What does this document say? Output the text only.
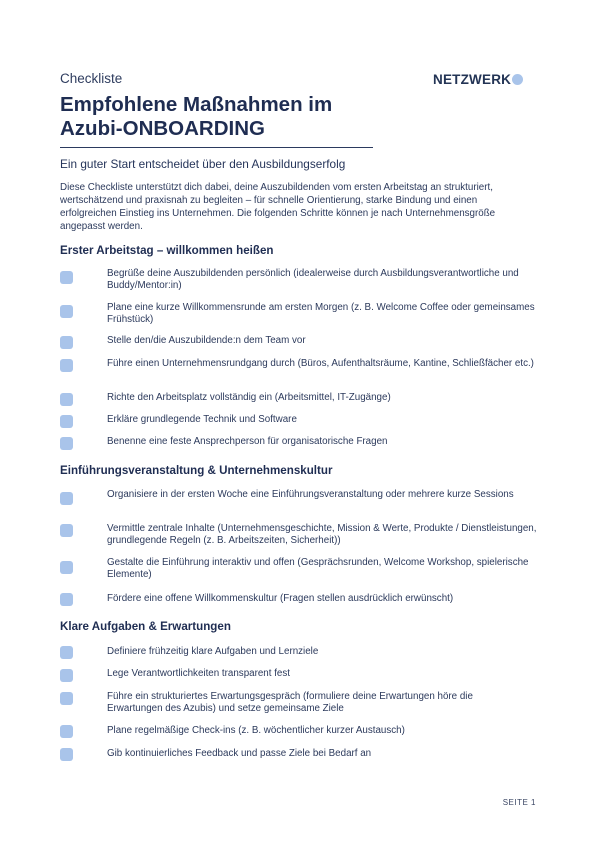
Checkliste	NETZWERK
Empfohlene Maßnahmen im
Azubi-ONBOARDING
Ein guter Start entscheidet über den Ausbildungserfolg
Diese Checkliste unterstützt dich dabei, deine Auszubildenden vom ersten Arbeitstag an strukturiert, wertschätzend und praxisnah zu begleiten – für schnelle Orientierung, starke Bindung und einen erfolgreichen Einstieg ins Unternehmen. Die folgenden Schritte können je nach Unternehmensgröße angepasst werden.
Erster Arbeitstag – willkommen heißen
Begrüße deine Auszubildenden persönlich (idealerweise durch Ausbildungsverantwortliche und Buddy/Mentor:in)
Plane eine kurze Willkommensrunde am ersten Morgen (z. B. Welcome Coffee oder gemeinsames Frühstück)
Stelle den/die Auszubildende:n dem Team vor
Führe einen Unternehmensrundgang durch (Büros, Aufenthaltsräume, Kantine, Schließfächer etc.)
Richte den Arbeitsplatz vollständig ein (Arbeitsmittel, IT-Zugänge)
Erkläre grundlegende Technik und Software
Benenne eine feste Ansprechperson für organisatorische Fragen
Einführungsveranstaltung & Unternehmenskultur
Organisiere in der ersten Woche eine Einführungsveranstaltung oder mehrere kurze Sessions
Vermittle zentrale Inhalte (Unternehmensgeschichte, Mission & Werte, Produkte / Dienstleistungen, grundlegende Regeln (z. B. Arbeitszeiten, Sicherheit))
Gestalte die Einführung interaktiv und offen (Gesprächsrunden, Welcome Workshop, spielerische Elemente)
Fördere eine offene Willkommenskultur (Fragen stellen ausdrücklich erwünscht)
Klare Aufgaben & Erwartungen
Definiere frühzeitig klare Aufgaben und Lernziele
Lege Verantwortlichkeiten transparent fest
Führe ein strukturiertes Erwartungsgespräch (formuliere deine Erwartungen höre die Erwartungen des Azubis) und setze gemeinsame Ziele
Plane regelmäßige Check-ins (z. B. wöchentlicher kurzer Austausch)
Gib kontinuierliches Feedback und passe Ziele bei Bedarf an
SEITE 1
